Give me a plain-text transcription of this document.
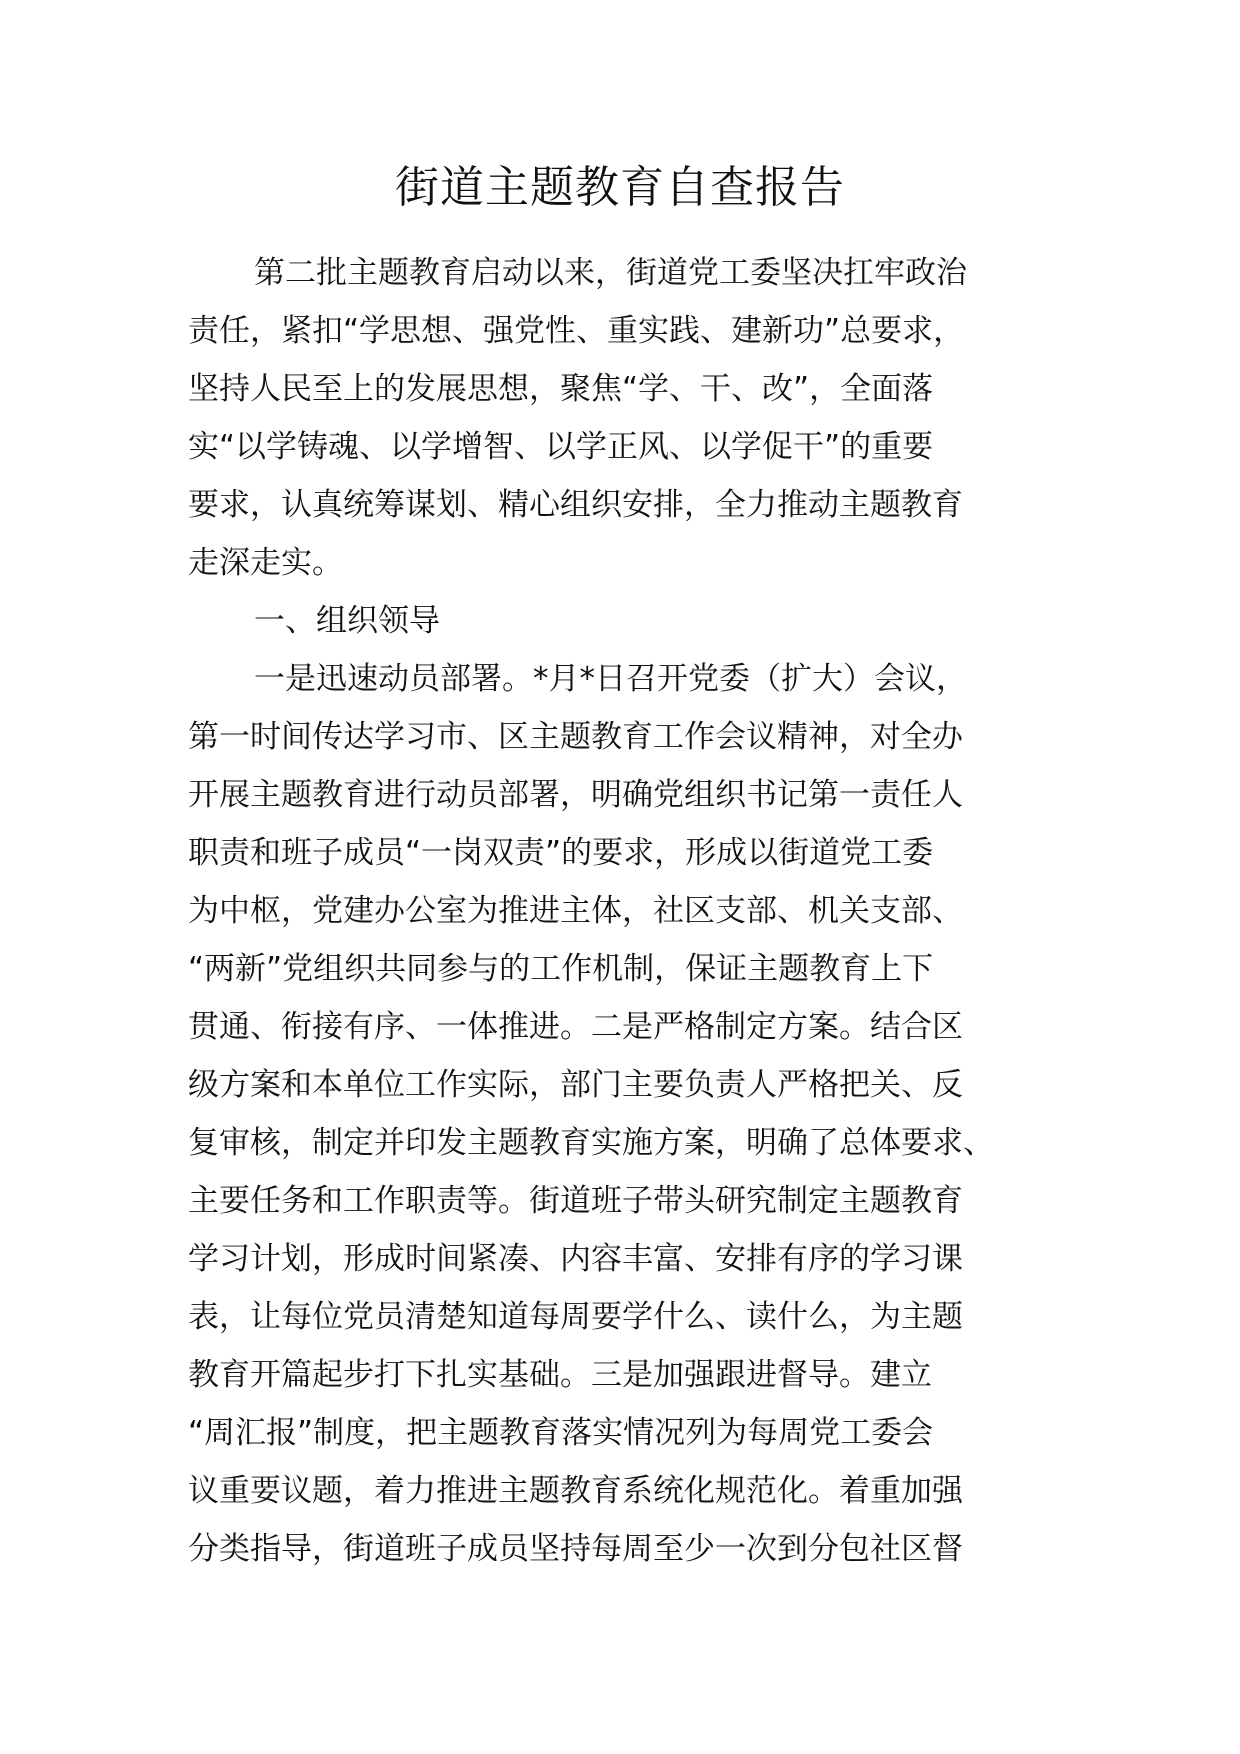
街道主题教育自查报告
第二批主题教育启动以来，街道党工委坚决扛牢政治
责任，紧扣“学思想、强党性、重实践、建新功”总要求，
坚持人民至上的发展思想，聚焦“学、干、改”，全面落
实“以学铸魂、以学增智、以学正风、以学促干”的重要
要求，认真统筹谋划、精心组织安排，全力推动主题教育
走深走实。
一、组织领导
一是迅速动员部署。*月*日召开党委（扩大）会议，
第一时间传达学习市、区主题教育工作会议精神，对全办
开展主题教育进行动员部署，明确党组织书记第一责任人
职责和班子成员“一岗双责”的要求，形成以街道党工委
为中枢，党建办公室为推进主体，社区支部、机关支部、
“两新”党组织共同参与的工作机制，保证主题教育上下
贯通、衔接有序、一体推进。二是严格制定方案。结合区
级方案和本单位工作实际，部门主要负责人严格把关、反
复审核，制定并印发主题教育实施方案，明确了总体要求、
主要任务和工作职责等。街道班子带头研究制定主题教育
学习计划，形成时间紧凑、内容丰富、安排有序的学习课
表，让每位党员清楚知道每周要学什么、读什么，为主题
教育开篇起步打下扎实基础。三是加强跟进督导。建立
“周汇报”制度，把主题教育落实情况列为每周党工委会
议重要议题，着力推进主题教育系统化规范化。着重加强
分类指导，街道班子成员坚持每周至少一次到分包社区督
